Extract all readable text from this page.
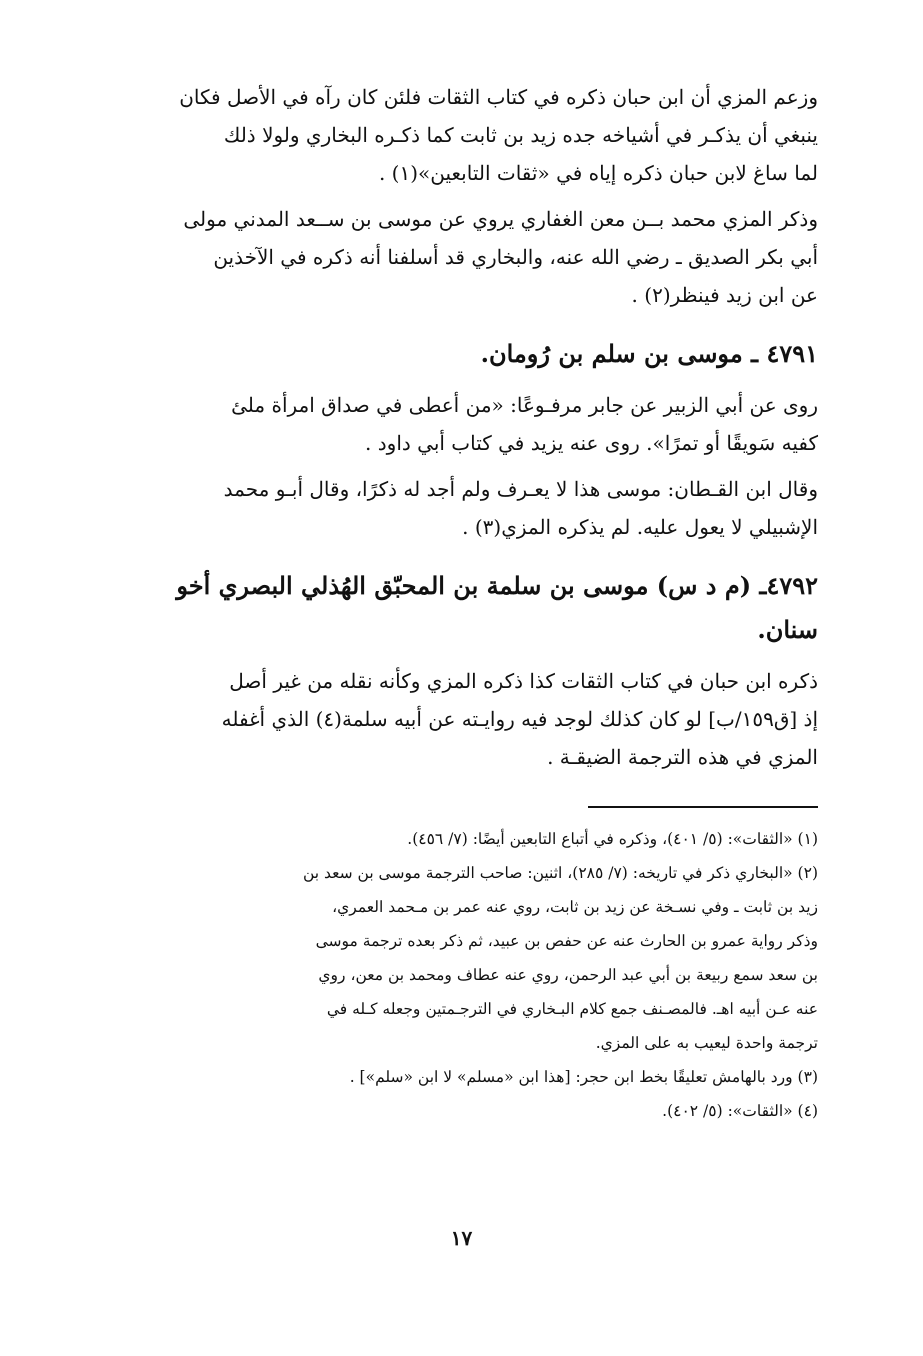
وزعم المزي أن ابن حبان ذكره في كتاب الثقات فلئن كان رآه في الأصل فكان
ينبغي أن يذكـر في أشياخه جده زيد بن ثابت كما ذكـره البخاري ولولا ذلك
لما ساغ لابن حبان ذكره إياه في «ثقات التابعين»(١) .

وذكر المزي محمد بــن معن الغفاري يروي عن موسى بن ســعد المدني مولى
أبي بكر الصديق ـ رضي الله عنه، والبخاري قد أسلفنا أنه ذكره في الآخذين
عن ابن زيد فينظر(٢) .

٤٧٩١ ـ موسى بن سلم بن رُومان.

روى عن أبي الزبير عن جابر مرفـوعًا: «من أعطى في صداق امرأة ملئ
كفيه سَويقًا أو تمرًا». روى عنه يزيد في كتاب أبي داود .

وقال ابن القـطان: موسى هذا لا يعـرف ولم أجد له ذكرًا، وقال أبـو محمد
الإشبيلي لا يعول عليه. لم يذكره المزي(٣) .

٤٧٩٢ـ (م د س) موسى بن سلمة بن المحبّق الهُذلي البصري أخو سنان.

ذكره ابن حبان في كتاب الثقات كذا ذكره المزي وكأنه نقله من غير أصل
إذ [ق١٥٩/ب] لو كان كذلك لوجد فيه روايـته عن أبيه سلمة(٤) الذي أغفله
المزي في هذه الترجمة الضيقـة .

(١) «الثقات»: (٥/ ٤٠١)، وذكره في أتباع التابعين أيضًا: (٧/ ٤٥٦).

(٢) «البخاري ذكر في تاريخه: (٧/ ٢٨٥)، اثنين: صاحب الترجمة موسى بن سعد بن
زيد بن ثابت ـ وفي نسـخة عن زيد بن ثابت، روي عنه عمر بن مـحمد العمري،
وذكر رواية عمرو بن الحارث عنه عن حفص بن عبيد، ثم ذكر بعده ترجمة موسى
بن سعد سمع ربيعة بن أبي عبد الرحمن، روي عنه عطاف ومحمد بن معن، روي
عنه عـن أبيه اهـ. فالمصـنف جمع كلام البـخاري في الترجـمتين وجعله كـله في
ترجمة واحدة ليعيب به على المزي.

(٣) ورد بالهامش تعليقًا بخط ابن حجر: [هذا ابن «مسلم» لا ابن «سلم»] .

(٤) «الثقات»: (٥/ ٤٠٢).

١٧
